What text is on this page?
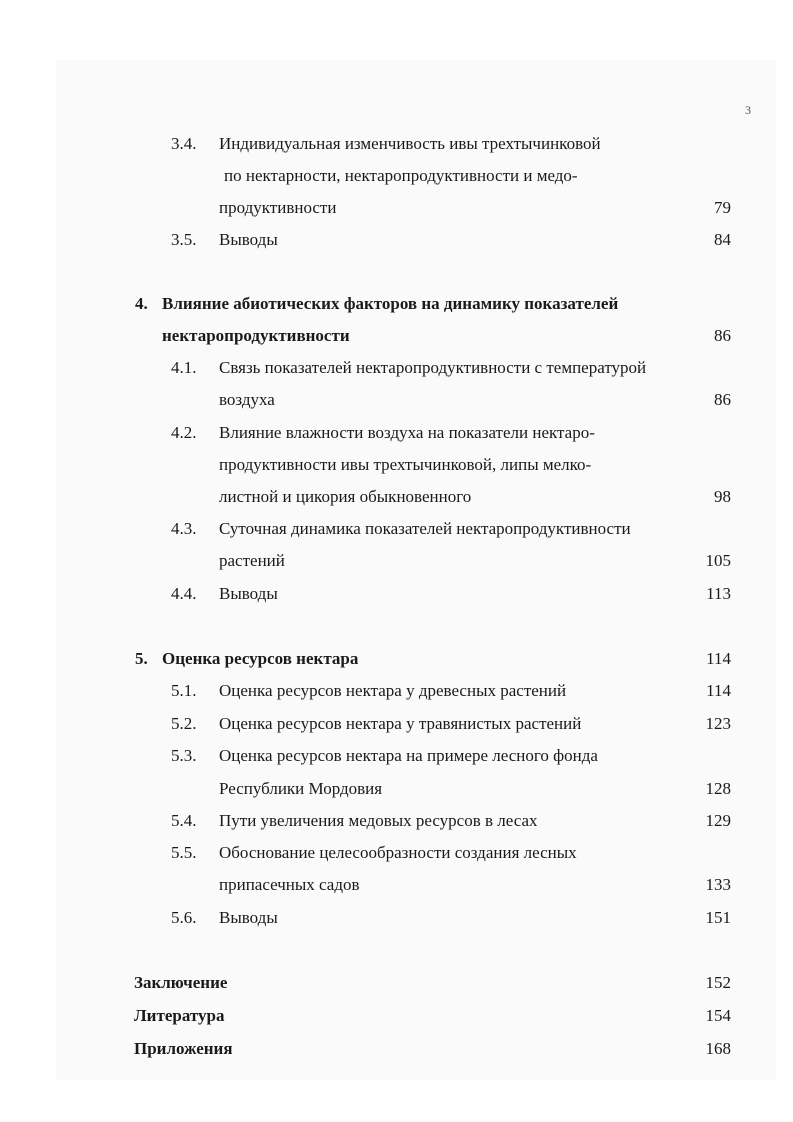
3
3.4. Индивидуальная изменчивость ивы трехтычинковой
по нектарности, нектаропродуктивности и медо-
продуктивности	79
3.5. Выводы	84
4. Влияние абиотических факторов на динамику показателей
нектаропродуктивности	86
4.1. Связь показателей нектаропродуктивности с температурой
воздуха	86
4.2. Влияние влажности воздуха на показатели нектаро-
продуктивности ивы трехтычинковой, липы мелко-
листной и цикория обыкновенного	98
4.3. Суточная динамика показателей нектаропродуктивности
растений	105
4.4. Выводы	113
5. Оценка ресурсов нектара	114
5.1. Оценка ресурсов нектара у древесных растений	114
5.2. Оценка ресурсов нектара у травянистых растений	123
5.3. Оценка ресурсов нектара на примере лесного фонда
Республики Мордовия	128
5.4. Пути увеличения медовых ресурсов в лесах	129
5.5. Обоснование целесообразности создания лесных
припасечных садов	133
5.6. Выводы	151
Заключение	152
Литература	154
Приложения	168
